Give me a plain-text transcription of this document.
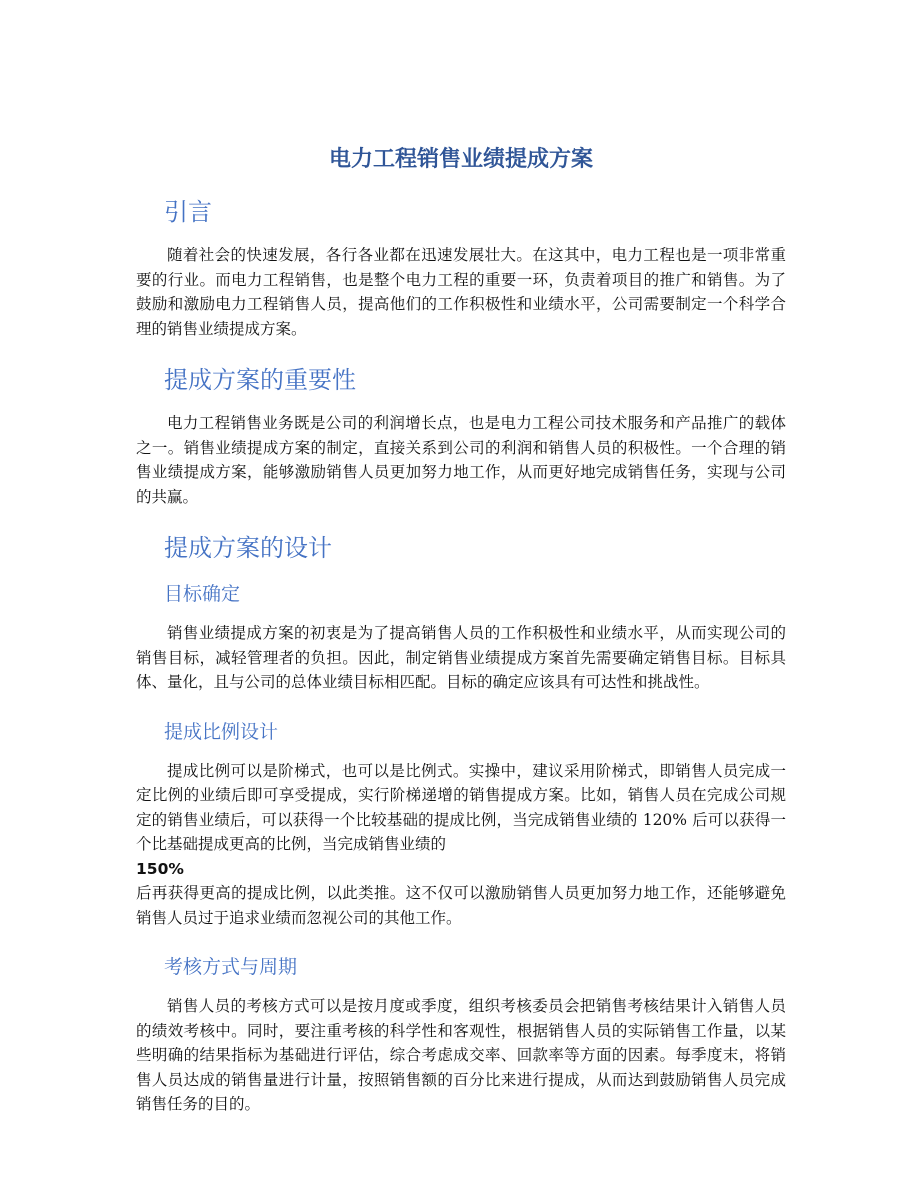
电力工程销售业绩提成方案
引言

随着社会的快速发展，各行各业都在迅速发展壮大。在这其中，电力工程也是一项非常重要的行业。而电力工程销售，也是整个电力工程的重要一环，负责着项目的推广和销售。为了鼓励和激励电力工程销售人员，提高他们的工作积极性和业绩水平，公司需要制定一个科学合理的销售业绩提成方案。

提成方案的重要性

电力工程销售业务既是公司的利润增长点，也是电力工程公司技术服务和产品推广的载体之一。销售业绩提成方案的制定，直接关系到公司的利润和销售人员的积极性。一个合理的销售业绩提成方案，能够激励销售人员更加努力地工作，从而更好地完成销售任务，实现与公司的共赢。

提成方案的设计
目标确定

销售业绩提成方案的初衷是为了提高销售人员的工作积极性和业绩水平，从而实现公司的销售目标，减轻管理者的负担。因此，制定销售业绩提成方案首先需要确定销售目标。目标具体、量化，且与公司的总体业绩目标相匹配。目标的确定应该具有可达性和挑战性。

提成比例设计
提成比例可以是阶梯式，也可以是比例式。实操中，建议采用阶梯式，即销售人员完成一定比例的业绩后即可享受提成，实行阶梯递增的销售提成方案。比如，销售人员在完成公司规定的销售业绩后，可以获得一个比较基础的提成比例，当完成销售业绩的 120% 后可以获得一个比基础提成更高的比例，当完成销售业绩的
150%
后再获得更高的提成比例，以此类推。这不仅可以激励销售人员更加努力地工作，还能够避免销售人员过于追求业绩而忽视公司的其他工作。
考核方式与周期

销售人员的考核方式可以是按月度或季度，组织考核委员会把销售考核结果计入销售人员的绩效考核中。同时，要注重考核的科学性和客观性，根据销售人员的实际销售工作量，以某些明确的结果指标为基础进行评估，综合考虑成交率、回款率等方面的因素。每季度末，将销售人员达成的销售量进行计量，按照销售额的百分比来进行提成，从而达到鼓励销售人员完成销售任务的目的。
